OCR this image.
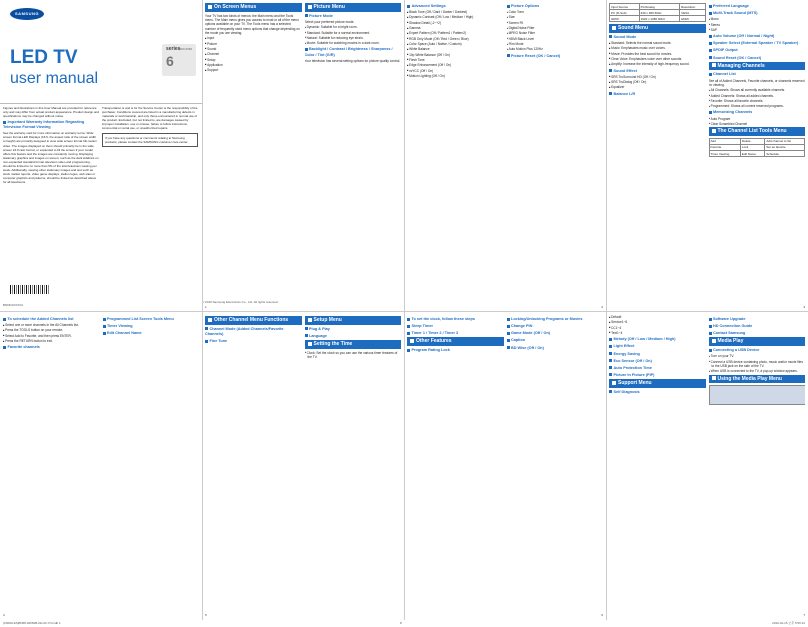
SAMSUNG
LED TV
user manual
series
6
6000 6050
Figures and illustrations in this User Manual are provided for reference only and may differ from actual product appearance. Product design and specifications may be changed without notice.
Important Warranty Information Regarding Television Format Viewing
See the warranty card for more information on warranty terms. Wide screen format LED Displays (16:9, the aspect ratio of the screen width to height) are primarily designed to view wide screen format full-motion video. The images displayed on them should primarily be in the wide screen 16:9 ratio format, or expanded to fill the screen if your model offers this feature and the images are constantly moving. Displaying stationary graphics and images on screen, such as the dark sidebars on non-expanded standard format television video and programming, should be limited to no more than 5% of the total television viewing per week. Additionally, viewing other stationary images and text such as stock market reports, video game displays, station logos, web sites or computer graphics and patterns, should be limited as described above for all televisions.
Transportation is and is for the Service Center is the responsibility of the purchaser. Conditions covered are listed in a manufacturing defects in materials or workmanship, and only those encountered in normal use of the product. Excluded, but not limited to, are damages caused by improper installation, use or misuse, failure to follow instructions, commercial or rental use, or unauthorized repairs.
If you have any questions or comments relating to Samsung products, please contact the SAMSUNG customer care center.
BN68-0XXXXA
On Screen Menus
Your TV has two kinds of menus: the Main menu and the Tools menu. The Main menu gives you access to most or all of the menu options available on your TV. The Tools menu has a selected number of frequently used menu options that change depending on the mode you are viewing.
■ Input
■ Picture
■ Sound
■ Channel
■ Setup
■ Application
■ Support
Picture Menu
Picture Mode
Select your preferred picture mode.
■ Dynamic: Suitable for a bright room.
■ Standard: Suitable for a normal environment.
■ Natural: Suitable for reducing eye strain.
■ Movie: Suitable for watching movies in a dark room.
Backlight / Contrast / Brightness / Sharpness / Color / Tint (G/R)
Your television has several setting options for picture quality control.
1
Advanced Settings
■ Black Tone (Off / Dark / Darker / Darkest)
■ Dynamic Contrast (Off / Low / Medium / High)
■ Shadow Detail (-2~+2)
■ Gamma
■ Expert Pattern (Off / Pattern1 / Pattern2)
■ RGB Only Mode (Off / Red / Green / Blue)
■ Color Space (Auto / Native / Custom)
■ White Balance
■ 10p White Balance (Off / On)
■ Flesh Tone
■ Edge Enhancement (Off / On)
■ xvYCC (Off / On)
■ Motion Lighting (Off / On)
Picture Options
■ Color Tone
■ Size
■ Screen Fit
■ Digital Noise Filter
■ MPEG Noise Filter
■ HDMI Black Level
■ Film Mode
■ Auto Motion Plus 120Hz
Picture Reset (OK / Cancel)
2
Input Source	PC/Analog	Resolution
PC (D-Sub)	640 x 480 60Hz	VESA
HDMI	1920 x 1080 60Hz	HDMI
Sound Menu
Sound Mode
■ Standard: Selects the normal sound mode.
■ Music: Emphasizes music over voices.
■ Movie: Provides the best sound for movies.
■ Clear Voice: Emphasizes voice over other sounds.
■ Amplify: Increase the intensity of high-frequency sound.
Sound Effect
■ SRS TruSurround HD (Off / On)
■ SRS TruDialog (Off / On)
■ Equalizer
Balance L/R
Preferred Language
Multi-Track Sound (MTS)
■ Mono
■ Stereo
■ SAP
Auto Volume (Off / Normal / Night)
Speaker Select (External Speaker / TV Speaker)
SPDIF Output
Sound Reset (OK / Cancel)
Managing Channels
Channel List
See all of Added Channels, Favorite channels, or channels reserved for viewing.
■ All Channels: Shows all currently available channels.
■ Added Channels: Shows all added channels.
■ Favorite: Shows all favorite channels.
■ Programmed: Shows all current reserved programs.
Memorizing Channels
■ Auto Program
■ Clear Scrambled Channel
The Channel List Tools Menu
Add	Delete	Add channel to list
Favorite	Lock	Set as favorite
Timer Viewing	Edit Name	Schedule
3
To schedule the Added Channels list
■ Select one or more channels in the All Channels list.
■ Press the TOOLS button on your remote.
■ Select Add to Favorite, and then press ENTER.
■ Press the RETURN button to exit.
Favorite channels
Programmed List Screen Tools Menu
Timer Viewing
Edit Channel Name
4
Other Channel Menu Functions
Channel Mode (Added Channels/Favorite Channels)
Fine Tune
Setup Menu
Plug & Play
Language
Setting the Time
■ Clock: Set the clock so you can use the various timer features of the TV.
5
To set the clock, follow these steps
Sleep Timer
Timer 1 / Timer 2 / Timer 3
Other Features
Program Rating Lock
Locking/Unlocking Programs or Movies
Change PIN
Game Mode (Off / On)
Caption
BD Wise (Off / On)
6
■ Default
■ Service1~6
■ CC1~4
■ Text1~4
Melody (Off / Low / Medium / High)
Light Effect
Energy Saving
Eco Sensor (Off / On)
Auto Protection Time
Picture In Picture (PIP)
Support Menu
Self Diagnosis
Software Upgrade
HD Connection Guide
Contact Samsung
Media Play
Connecting a USB Device
■ Turn on your TV.
■ Connect a USB device containing photo, music and/or movie files to the USB jack on the side of the TV.
■ When USB is connected to the TV, a pop-up window appears.
Using the Media Play Menu
7
© 2010 Samsung Electronics Co., Ltd. All rights reserved.
[C6000-ZA]BN68-02581B-01L04-YN.indb 1	8	2010-01-15 오후 5:50:12
